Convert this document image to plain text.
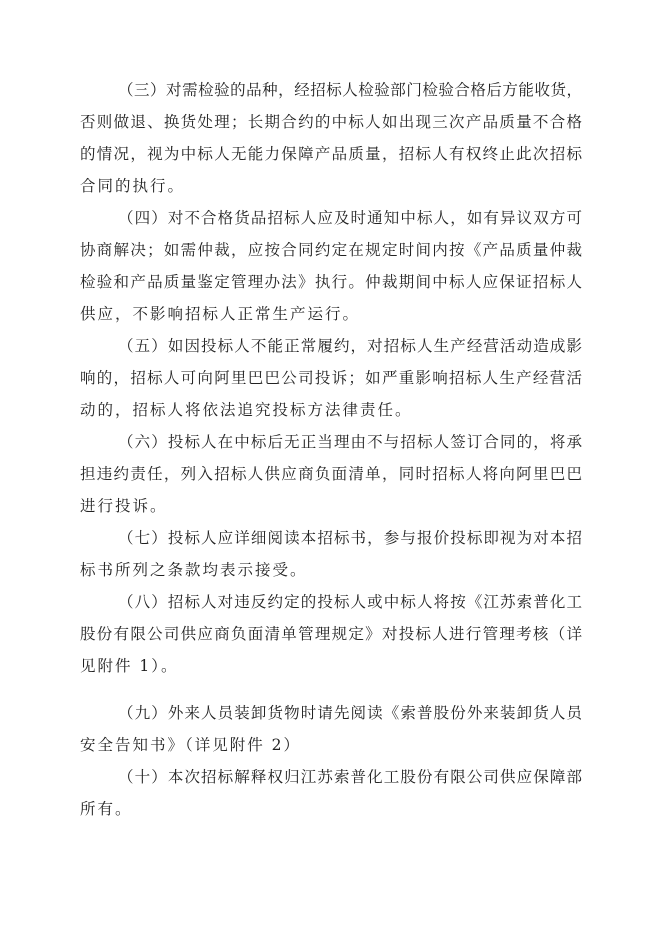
（三）对需检验的品种，经招标人检验部门检验合格后方能收货，
否则做退、换货处理；长期合约的中标人如出现三次产品质量不合格
的情况，视为中标人无能力保障产品质量，招标人有权终止此次招标
合同的执行。
（四）对不合格货品招标人应及时通知中标人，如有异议双方可
协商解决；如需仲裁，应按合同约定在规定时间内按《产品质量仲裁
检验和产品质量鉴定管理办法》执行。仲裁期间中标人应保证招标人
供应，不影响招标人正常生产运行。
（五）如因投标人不能正常履约，对招标人生产经营活动造成影
响的，招标人可向阿里巴巴公司投诉；如严重影响招标人生产经营活
动的，招标人将依法追究投标方法律责任。
（六）投标人在中标后无正当理由不与招标人签订合同的，将承
担违约责任，列入招标人供应商负面清单，同时招标人将向阿里巴巴
进行投诉。
（七）投标人应详细阅读本招标书，参与报价投标即视为对本招
标书所列之条款均表示接受。
（八）招标人对违反约定的投标人或中标人将按《江苏索普化工
股份有限公司供应商负面清单管理规定》对投标人进行管理考核（详
见附件 1）。
（九）外来人员装卸货物时请先阅读《索普股份外来装卸货人员
安全告知书》（详见附件 2）
（十）本次招标解释权归江苏索普化工股份有限公司供应保障部
所有。
